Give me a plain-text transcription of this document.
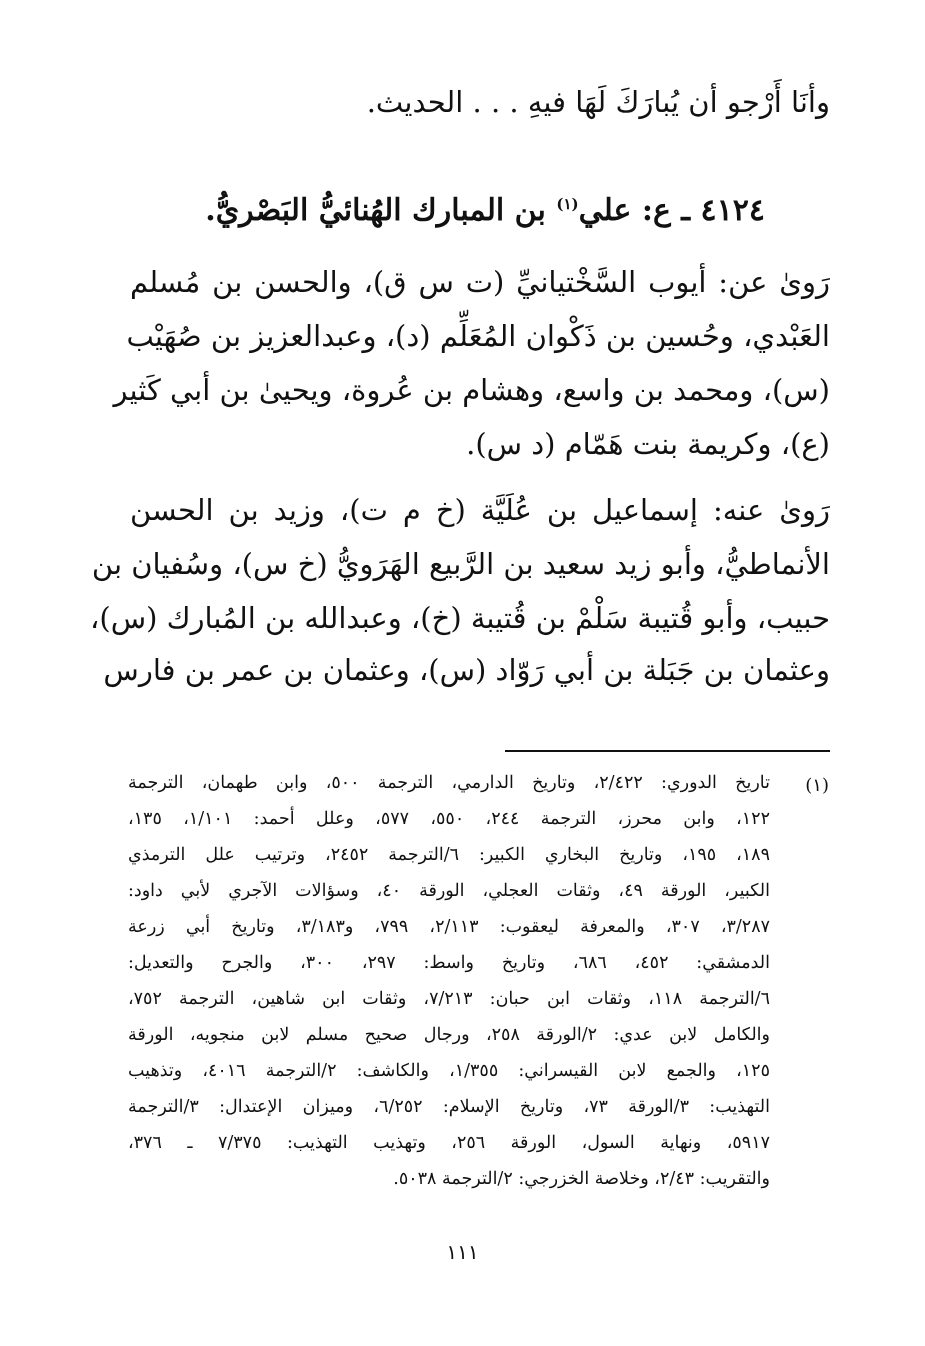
وأنَا أَرْجو أن يُبارَكَ لَهَا فيهِ . . . الحديث.
٤١٢٤ ـ ع: علي$^{(١)}$ بن المبارك الهُنائيُّ البَصْريُّ.
رَوىٰ عن: أيوب السَّخْتيانيِّ (ت س ق)، والحسن بن مُسلم
العَبْدي، وحُسين بن ذَكْوان المُعَلِّم (د)، وعبدالعزيز بن صُهَيْب
(س)، ومحمد بن واسع، وهشام بن عُروة، ويحيىٰ بن أبي كَثير
(ع)، وكريمة بنت هَمّام (د س).
رَوىٰ عنه: إسماعيل بن عُلَيَّة (خ م ت)، وزيد بن الحسن
الأنماطيُّ، وأبو زيد سعيد بن الرَّبيع الهَرَويُّ (خ س)، وسُفيان بن
حبيب، وأبو قُتيبة سَلْمْ بن قُتيبة (خ)، وعبدالله بن المُبارك (س)،
وعثمان بن جَبَلة بن أبي رَوّاد (س)، وعثمان بن عمر بن فارس
(١)
تاريخ الدوري: ٢/٤٢٢، وتاريخ الدارمي، الترجمة ٥٠٠، وابن طهمان، الترجمة
١٢٢، وابن محرز، الترجمة ٢٤٤، ٥٥٠، ٥٧٧، وعلل أحمد: ١/١٠١، ١٣٥،
١٨٩، ١٩٥، وتاريخ البخاري الكبير: ٦/الترجمة ٢٤٥٢، وترتيب علل الترمذي
الكبير، الورقة ٤٩، وثقات العجلي، الورقة ٤٠، وسؤالات الآجري لأبي داود:
٣/٢٨٧، ٣٠٧، والمعرفة ليعقوب: ٢/١١٣، ٧٩٩، و٣/١٨٣، وتاريخ أبي زرعة
الدمشقي: ٤٥٢، ٦٨٦، وتاريخ واسط: ٢٩٧، ٣٠٠، والجرح والتعديل:
٦/الترجمة ١١٨، وثقات ابن حبان: ٧/٢١٣، وثقات ابن شاهين، الترجمة ٧٥٢،
والكامل لابن عدي: ٢/الورقة ٢٥٨، ورجال صحيح مسلم لابن منجويه، الورقة
١٢٥، والجمع لابن القيسراني: ١/٣٥٥، والكاشف: ٢/الترجمة ٤٠١٦، وتذهيب
التهذيب: ٣/الورقة ٧٣، وتاريخ الإسلام: ٦/٢٥٢، وميزان الإعتدال: ٣/الترجمة
٥٩١٧، ونهاية السول، الورقة ٢٥٦، وتهذيب التهذيب: ٧/٣٧٥ ـ ٣٧٦،
والتقريب: ٢/٤٣، وخلاصة الخزرجي: ٢/الترجمة ٥٠٣٨.
١١١
